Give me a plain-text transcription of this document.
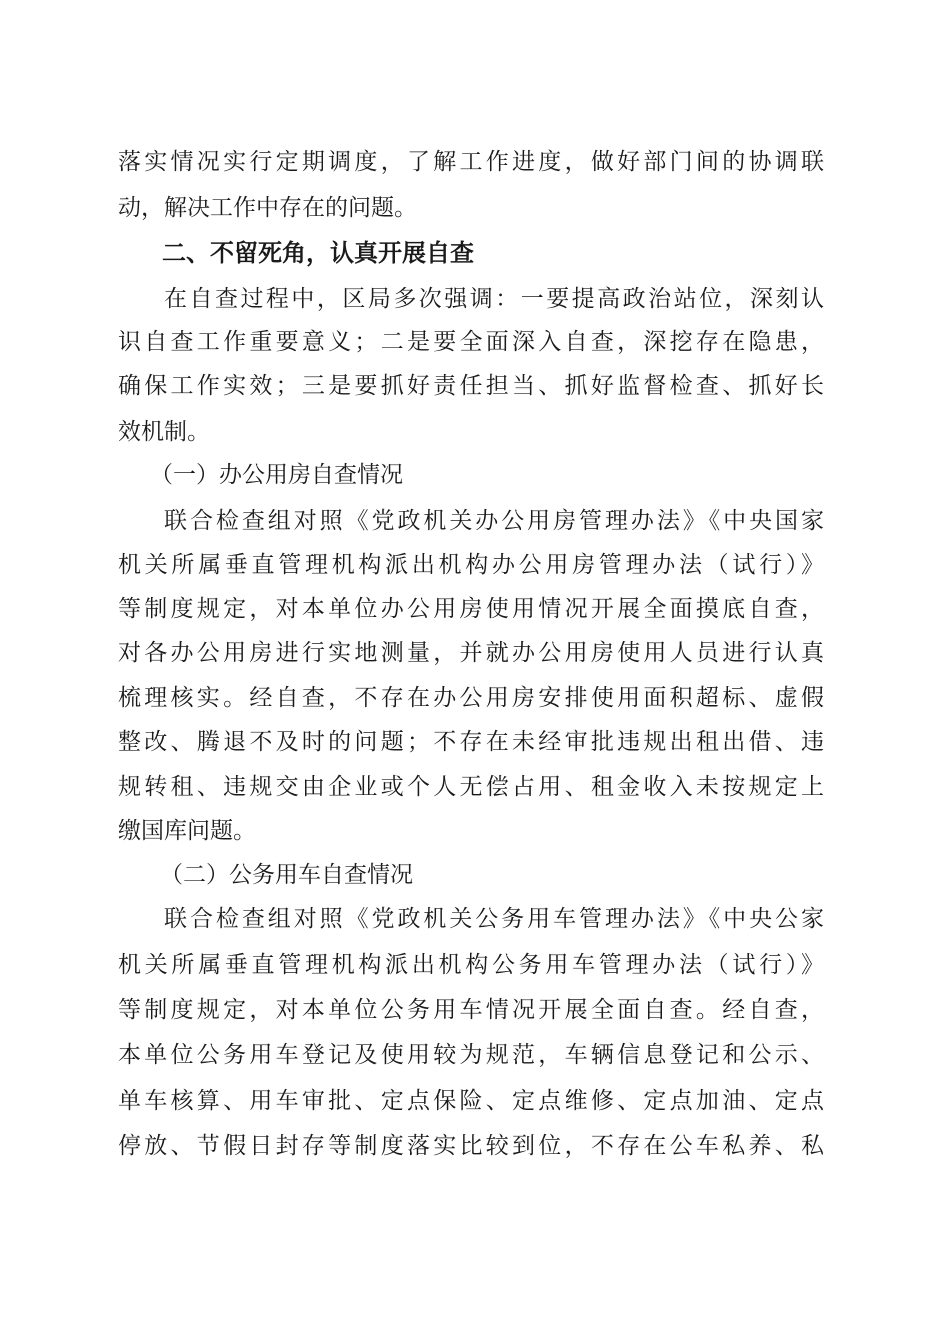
落实情况实行定期调度，了解工作进度，做好部门间的协调联
动，解决工作中存在的问题。
二、不留死角，认真开展自查
在自查过程中，区局多次强调：一要提高政治站位，深刻认
识自查工作重要意义；二是要全面深入自查，深挖存在隐患，
确保工作实效；三是要抓好责任担当、抓好监督检查、抓好长
效机制。
（一）办公用房自查情况
联合检查组对照《党政机关办公用房管理办法》《中央国家
机关所属垂直管理机构派出机构办公用房管理办法（试行）》
等制度规定，对本单位办公用房使用情况开展全面摸底自查，
对各办公用房进行实地测量，并就办公用房使用人员进行认真
梳理核实。经自查，不存在办公用房安排使用面积超标、虚假
整改、腾退不及时的问题；不存在未经审批违规出租出借、违
规转租、违规交由企业或个人无偿占用、租金收入未按规定上
缴国库问题。
（二）公务用车自查情况
联合检查组对照《党政机关公务用车管理办法》《中央公家
机关所属垂直管理机构派出机构公务用车管理办法（试行）》
等制度规定，对本单位公务用车情况开展全面自查。经自查，
本单位公务用车登记及使用较为规范，车辆信息登记和公示、
单车核算、用车审批、定点保险、定点维修、定点加油、定点
停放、节假日封存等制度落实比较到位，不存在公车私养、私
